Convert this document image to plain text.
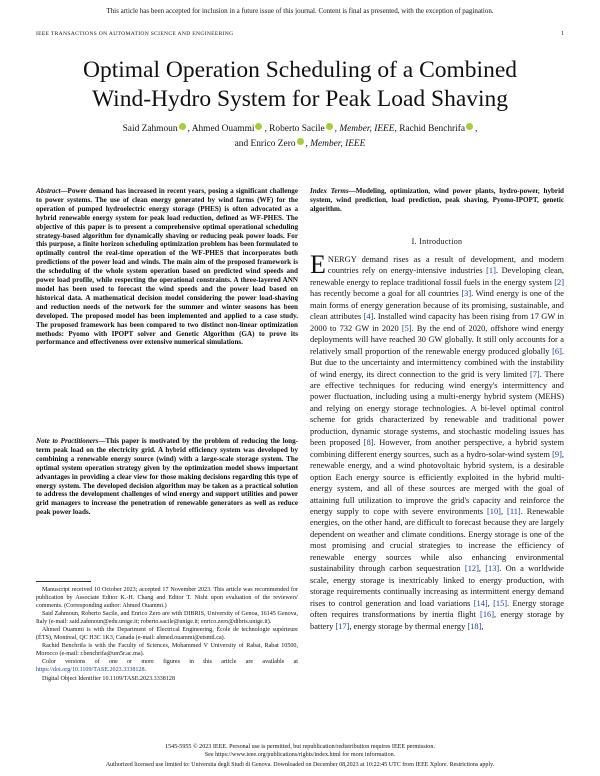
This article has been accepted for inclusion in a future issue of this journal. Content is final as presented, with the exception of pagination.
IEEE TRANSACTIONS ON AUTOMATION SCIENCE AND ENGINEERING	1
Optimal Operation Scheduling of a Combined
Wind-Hydro System for Peak Load Shaving
Said Zahmoun , Ahmed Ouammi , Roberto Sacile , Member, IEEE, Rachid Benchrifa ,
and Enrico Zero , Member, IEEE
Abstract—Power demand has increased in recent years, posing a significant challenge to power systems. The use of clean energy generated by wind farms (WF) for the operation of pumped hydroelectric energy storage (PHES) is often advocated as a hybrid renewable energy system for peak load reduction, defined as WF-PHES. The objective of this paper is to present a comprehensive optimal operational scheduling strategy-based algorithm for dynamically shaving or reducing peak power loads. For this purpose, a finite horizon scheduling optimization problem has been formulated to optimally control the real-time operation of the WF-PHES that incorporates both predictions of the power load and winds. The main aim of the proposed framework is the scheduling of the whole system operation based on predicted wind speeds and power load profile, while respecting the operational constraints. A three-layered ANN model has been used to forecast the wind speeds and the power load based on historical data. A mathematical decision model considering the power load-shaving and reduction needs of the network for the summer and winter seasons has been developed. The proposed model has been implemented and applied to a case study. The proposed framework has been compared to two distinct non-linear optimization methods: Pyomo with IPOPT solver and Genetic Algorithm (GA) to prove its performance and effectiveness over extensive numerical simulations.
Note to Practitioners—This paper is motivated by the problem of reducing the long-term peak load on the electricity grid. A hybrid efficiency system was developed by combining a renewable energy source (wind) with a large-scale storage system. The optimal system operation strategy given by the optimization model shows important advantages in providing a clear view for those making decisions regarding this type of energy system. The developed decision algorithm may be taken as a practical solution to address the development challenges of wind energy and support utilities and power grid managers to increase the penetration of renewable generators as well as reduce peak power loads.
Index Terms—Modeling, optimization, wind power plants, hydro-power, hybrid system, wind prediction, load prediction, peak shaving, Pyomo-IPOPT, genetic algorithm.
I. Introduction
ENERGY demand rises as a result of development, and modern countries rely on energy-intensive industries [1]. Developing clean, renewable energy to replace traditional fossil fuels in the energy system [2] has recently become a goal for all countries [3]. Wind energy is one of the main forms of energy generation because of its promising, sustainable, and clean attributes [4]. Installed wind capacity has been rising from 17 GW in 2000 to 732 GW in 2020 [5]. By the end of 2020, offshore wind energy deployments will have reached 30 GW globally. It still only accounts for a relatively small proportion of the renewable energy produced globally [6]. But due to the uncertainty and intermittency combined with the instability of wind energy, its direct connection to the grid is very limited [7]. There are effective techniques for reducing wind energy's intermittency and power fluctuation, including using a multi-energy hybrid system (MEHS) and relying on energy storage technologies. A bi-level optimal control scheme for grids characterized by renewable and traditional power production, dynamic storage systems, and stochastic modeling issues has been proposed [8]. However, from another perspective, a hybrid system combining different energy sources, such as a hydro-solar-wind system [9], renewable energy, and a wind photovoltaic hybrid system, is a desirable option Each energy source is efficiently exploited in the hybrid multi-energy system, and all of these sources are merged with the goal of attaining full utilization to improve the grid's capacity and reinforce the energy supply to cope with severe environments [10], [11]. Renewable energies, on the other hand, are difficult to forecast because they are largely dependent on weather and climate conditions. Energy storage is one of the most promising and crucial strategies to increase the efficiency of renewable energy sources while also enhancing environmental sustainability through carbon sequestration [12], [13]. On a worldwide scale, energy storage is inextricably linked to energy production, with storage requirements continually increasing as intermittent energy demand rises to control generation and load variations [14], [15]. Energy storage often requires transformations by inertia flight [16], energy storage by battery [17], energy storage by thermal energy [18],

Manuscript received 10 October 2023; accepted 17 November 2023. This article was recommended for publication by Associate Editor K.-H. Chang and Editor T. Nishi upon evaluation of the reviewers' comments. (Corresponding author: Ahmed Ouammi.)

Said Zahmoun, Roberto Sacile, and Enrico Zero are with DIBRIS, University of Genoa, 16145 Genova, Italy (e-mail: said.zahmoun@edu.unige.it; roberto.sacile@unige.it; enrico.zero@dibris.unige.it).

Ahmed Ouammi is with the Department of Electrical Engineering, École de technologie supérieure (ÉTS), Montreal, QC H3C 1K3, Canada (e-mail: ahmed.ouammi@etsmtl.ca).

Rachid Benchrifa is with the Faculty of Sciences, Mohammed V University of Rabat, Rabat 10500, Morocco (e-mail: r.benchrifa@um5r.ac.ma).

Color versions of one or more figures in this article are available at https://doi.org/10.1109/TASE.2023.3338128.

Digital Object Identifier 10.1109/TASE.2023.3338128

1545-5955 © 2023 IEEE. Personal use is permitted, but republication/redistribution requires IEEE permission.
See https://www.ieee.org/publications/rights/index.html for more information.
Authorized licensed use limited to: Universita degli Studi di Genova. Downloaded on December 08,2023 at 10:22:45 UTC from IEEE Xplore. Restrictions apply.
